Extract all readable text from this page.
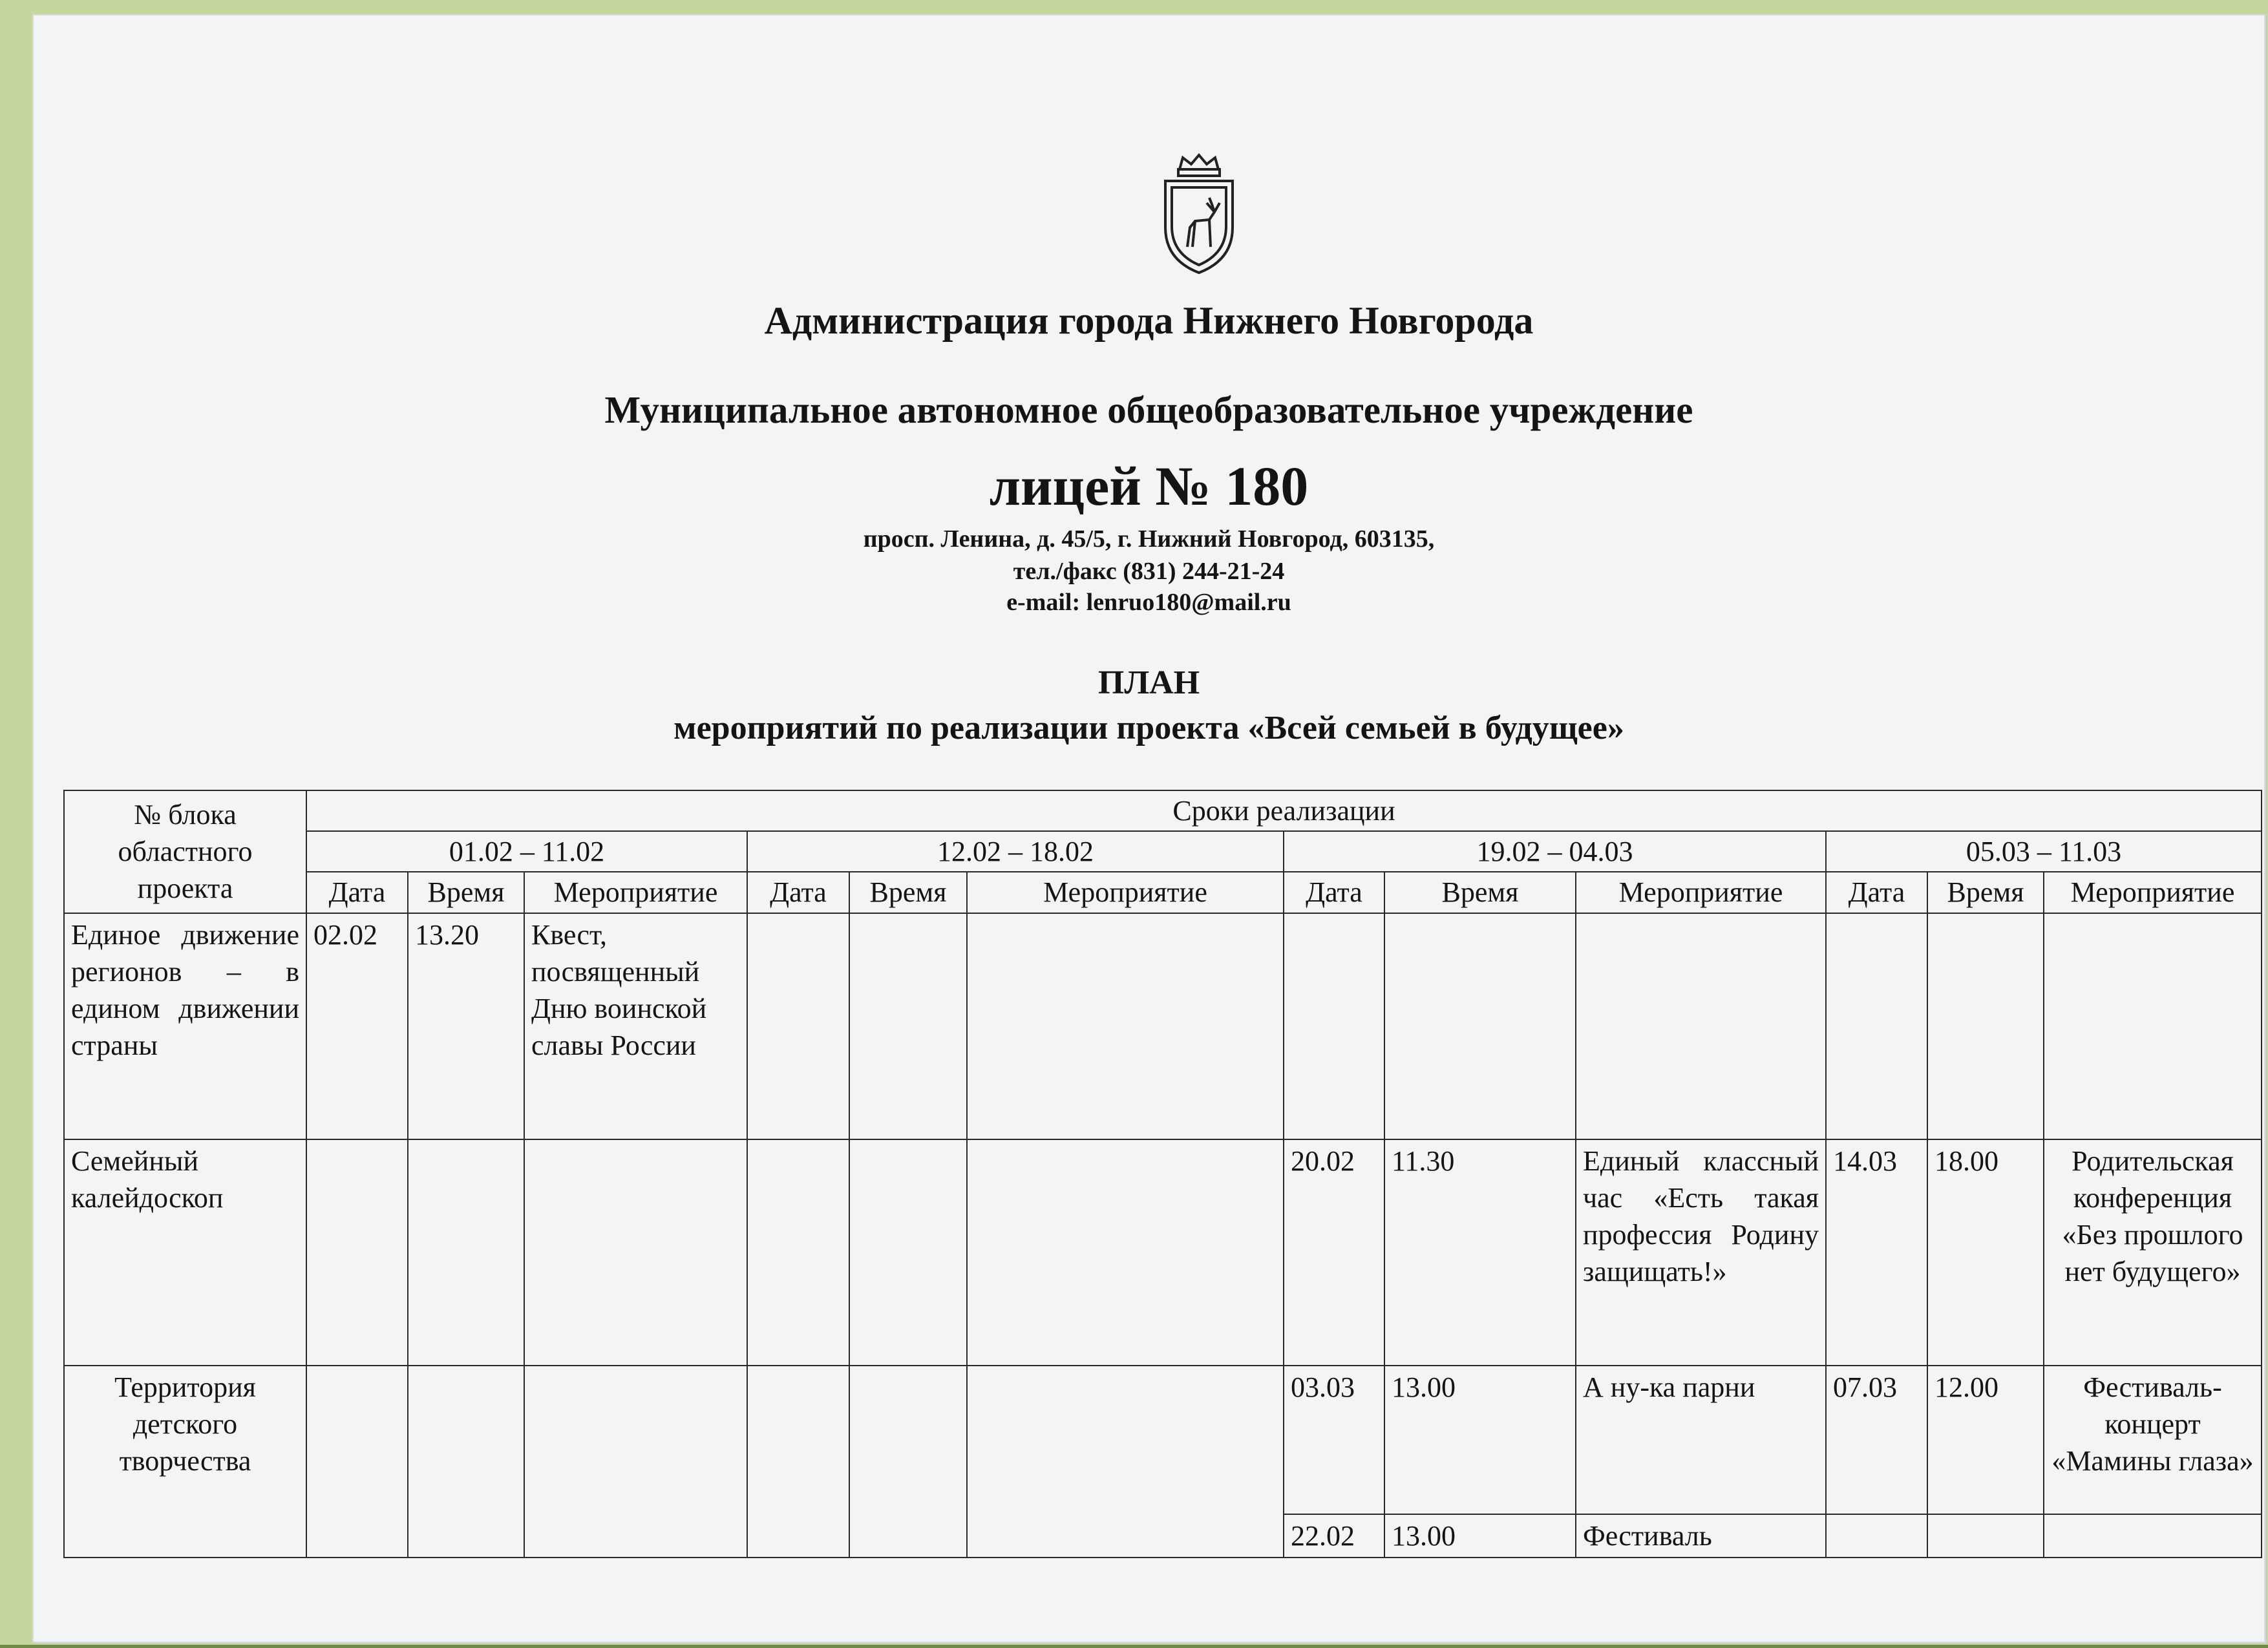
Администрация города Нижнего Новгорода

Муниципальное автономное общеобразовательное учреждение

лицей № 180

просп. Ленина, д. 45/5, г. Нижний Новгород, 603135,

тел./факс (831) 244-21-24

e-mail: lenruo180@mail.ru

ПЛАН

мероприятий по реализации проекта «Всей семьей в будущее»

№ блока областного проекта	Сроки реализации											
	01.02 – 11.02			12.02 – 18.02			19.02 – 04.03			05.03 – 11.03		
	Дата	Время	Мероприятие	Дата	Время	Мероприятие	Дата	Время	Мероприятие	Дата	Время	Мероприятие
Единое движение регионов – в едином движении страны	02.02	13.20	Квест, посвященный Дню воинской славы России									
Семейный калейдоскоп							20.02	11.30	Единый классный час «Есть такая профессия Родину защищать!»	14.03	18.00	Родительская конференция «Без прошлого нет будущего»
Территория детского творчества							03.03	13.00	А ну-ка парни	07.03	12.00	Фестиваль-концерт «Мамины глаза»
							22.02	13.00	Фестиваль			
